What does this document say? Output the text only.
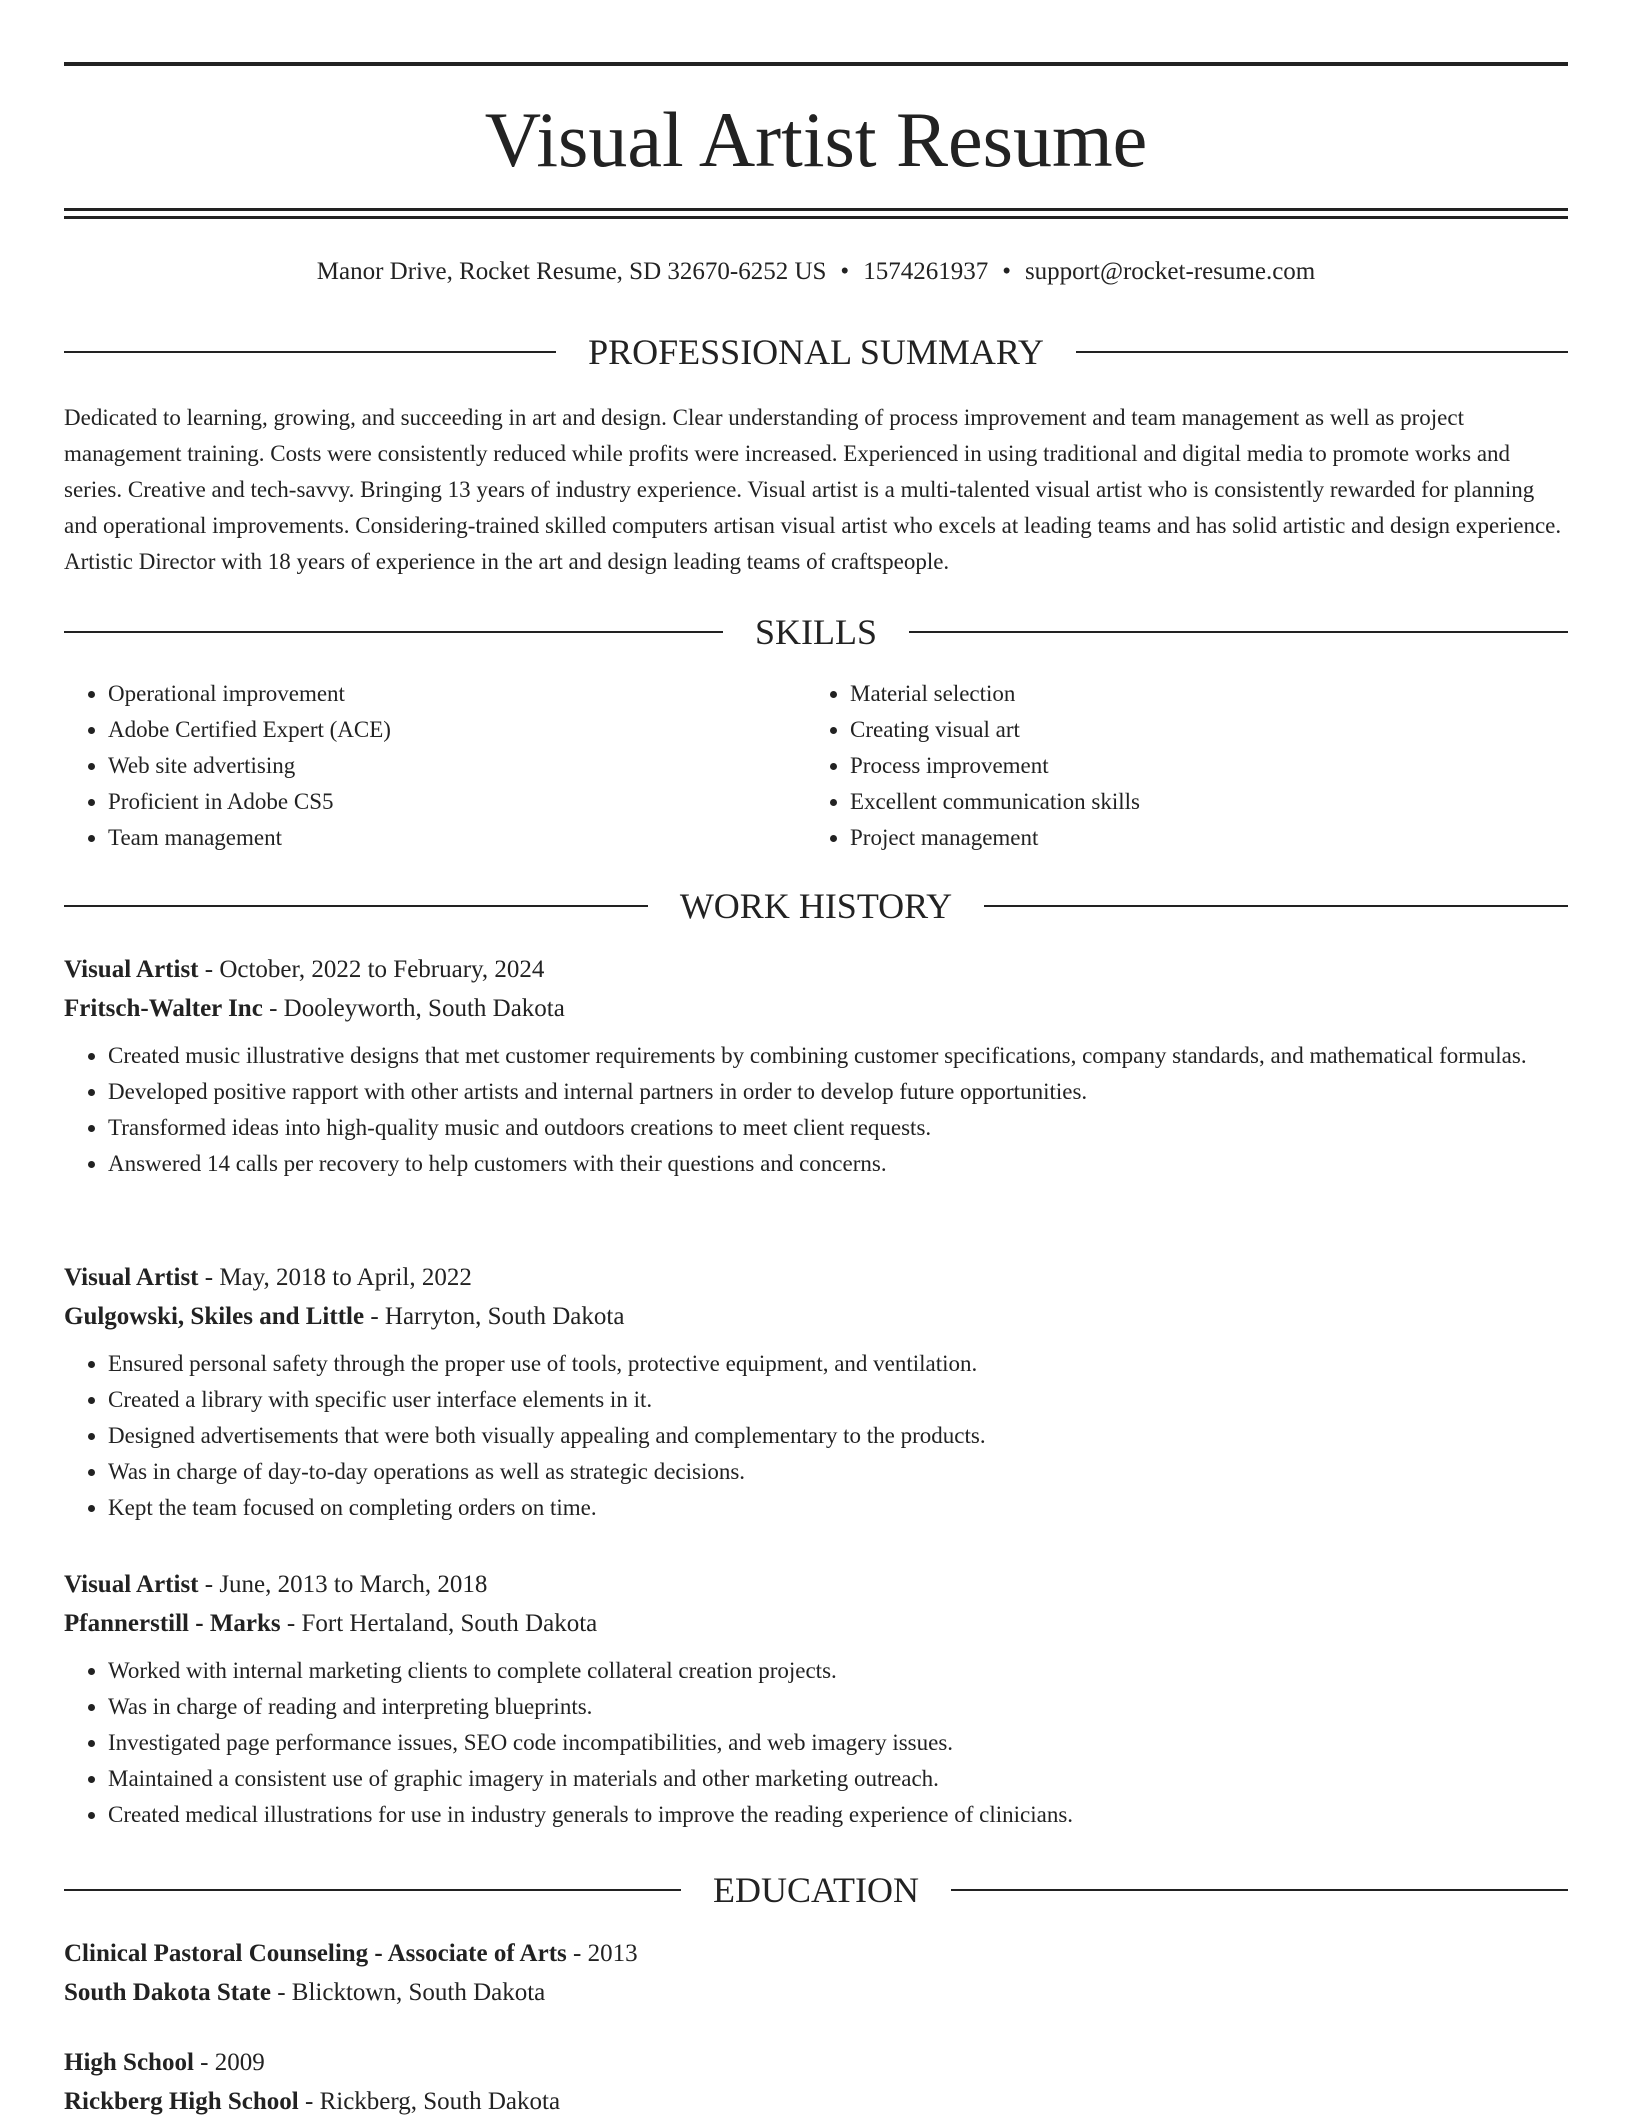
Visual Artist Resume
Manor Drive, Rocket Resume, SD 32670-6252 US • 1574261937 • support@rocket-resume.com
PROFESSIONAL SUMMARY

Dedicated to learning, growing, and succeeding in art and design. Clear understanding of process improvement and team management as well as project management training. Costs were consistently reduced while profits were increased. Experienced in using traditional and digital media to promote works and series. Creative and tech-savvy. Bringing 13 years of industry experience. Visual artist is a multi-talented visual artist who is consistently rewarded for planning and operational improvements. Considering-trained skilled computers artisan visual artist who excels at leading teams and has solid artistic and design experience. Artistic Director with 18 years of experience in the art and design leading teams of craftspeople.

SKILLS
• Operational improvement
• Adobe Certified Expert (ACE)
• Web site advertising
• Proficient in Adobe CS5
• Team management
• Material selection
• Creating visual art
• Process improvement
• Excellent communication skills
• Project management
WORK HISTORY
Visual Artist - October, 2022 to February, 2024
Fritsch-Walter Inc - Dooleyworth, South Dakota
• Created music illustrative designs that met customer requirements by combining customer specifications, company standards, and mathematical formulas.
• Developed positive rapport with other artists and internal partners in order to develop future opportunities.
• Transformed ideas into high-quality music and outdoors creations to meet client requests.
• Answered 14 calls per recovery to help customers with their questions and concerns.
Visual Artist - May, 2018 to April, 2022
Gulgowski, Skiles and Little - Harryton, South Dakota
• Ensured personal safety through the proper use of tools, protective equipment, and ventilation.
• Created a library with specific user interface elements in it.
• Designed advertisements that were both visually appealing and complementary to the products.
• Was in charge of day-to-day operations as well as strategic decisions.
• Kept the team focused on completing orders on time.
Visual Artist - June, 2013 to March, 2018
Pfannerstill - Marks - Fort Hertaland, South Dakota
• Worked with internal marketing clients to complete collateral creation projects.
• Was in charge of reading and interpreting blueprints.
• Investigated page performance issues, SEO code incompatibilities, and web imagery issues.
• Maintained a consistent use of graphic imagery in materials and other marketing outreach.
• Created medical illustrations for use in industry generals to improve the reading experience of clinicians.
EDUCATION
Clinical Pastoral Counseling - Associate of Arts - 2013
South Dakota State - Blicktown, South Dakota
High School - 2009
Rickberg High School - Rickberg, South Dakota
